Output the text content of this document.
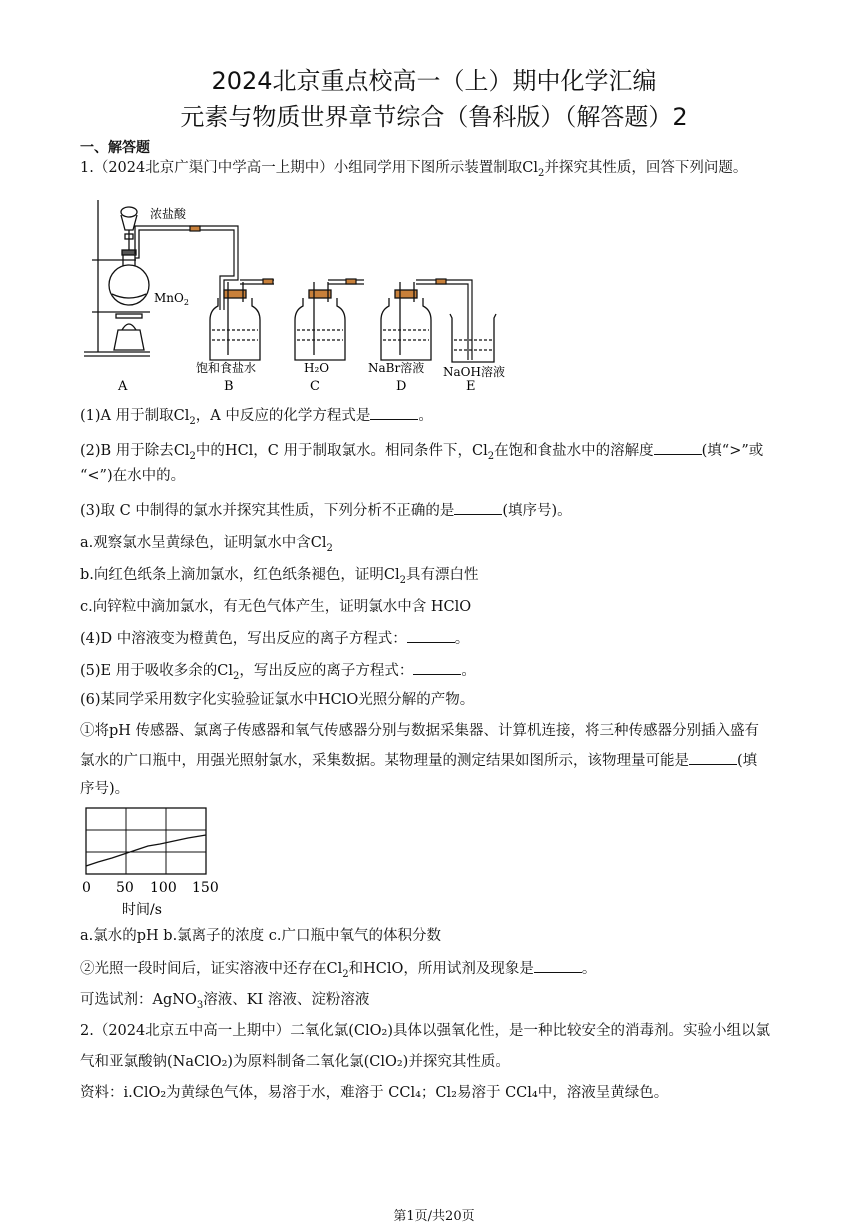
2024北京重点校高一（上）期中化学汇编
元素与物质世界章节综合（鲁科版）（解答题）2
一、解答题
1.（2024北京广渠门中学高一上期中）小组同学用下图所示装置制取$Cl_2$并探究其性质，回答下列问题。
浓盐酸
MnO$_2$
饱和食盐水	H₂O	NaBr溶液 NaOH溶液
A	B	C	D	E
(1)A 用于制取$Cl_2$，A 中反应的化学方程式是	。
(2)B 用于除去$Cl_2$中的HCl，C 用于制取氯水。相同条件下，$Cl_2$在饱和食盐水中的溶解度	(填“>”或
“<”)在水中的。
(3)取 C 中制得的氯水并探究其性质，下列分析不正确的是	(填序号)。
a.观察氯水呈黄绿色，证明氯水中含$Cl_2$
b.向红色纸条上滴加氯水，红色纸条褪色，证明$Cl_2$具有漂白性
c.向锌粒中滴加氯水，有无色气体产生，证明氯水中含 HClO
(4)D 中溶液变为橙黄色，写出反应的离子方程式：	。
(5)E 用于吸收多余的$Cl_2$，写出反应的离子方程式：	。
(6)某同学采用数字化实验验证氯水中HClO光照分解的产物。
①将pH 传感器、氯离子传感器和氧气传感器分别与数据采集器、计算机连接，将三种传感器分别插入盛有
氯水的广口瓶中，用强光照射氯水，采集数据。某物理量的测定结果如图所示，该物理量可能是	(填
序号)。
0 50 100 150
时间/s
a.氯水的pH b.氯离子的浓度 c.广口瓶中氧气的体积分数
②光照一段时间后，证实溶液中还存在$Cl_2$和HClO，所用试剂及现象是	。
可选试剂：AgNO$_3$溶液、KI 溶液、淀粉溶液
2.（2024北京五中高一上期中）二氧化氯(ClO₂)具体以强氧化性，是一种比较安全的消毒剂。实验小组以氯
气和亚氯酸钠(NaClO₂)为原料制备二氧化氯(ClO₂)并探究其性质。
资料：i.ClO₂为黄绿色气体，易溶于水，难溶于 CCl₄；Cl₂易溶于 CCl₄中，溶液呈黄绿色。
第1页/共20页
